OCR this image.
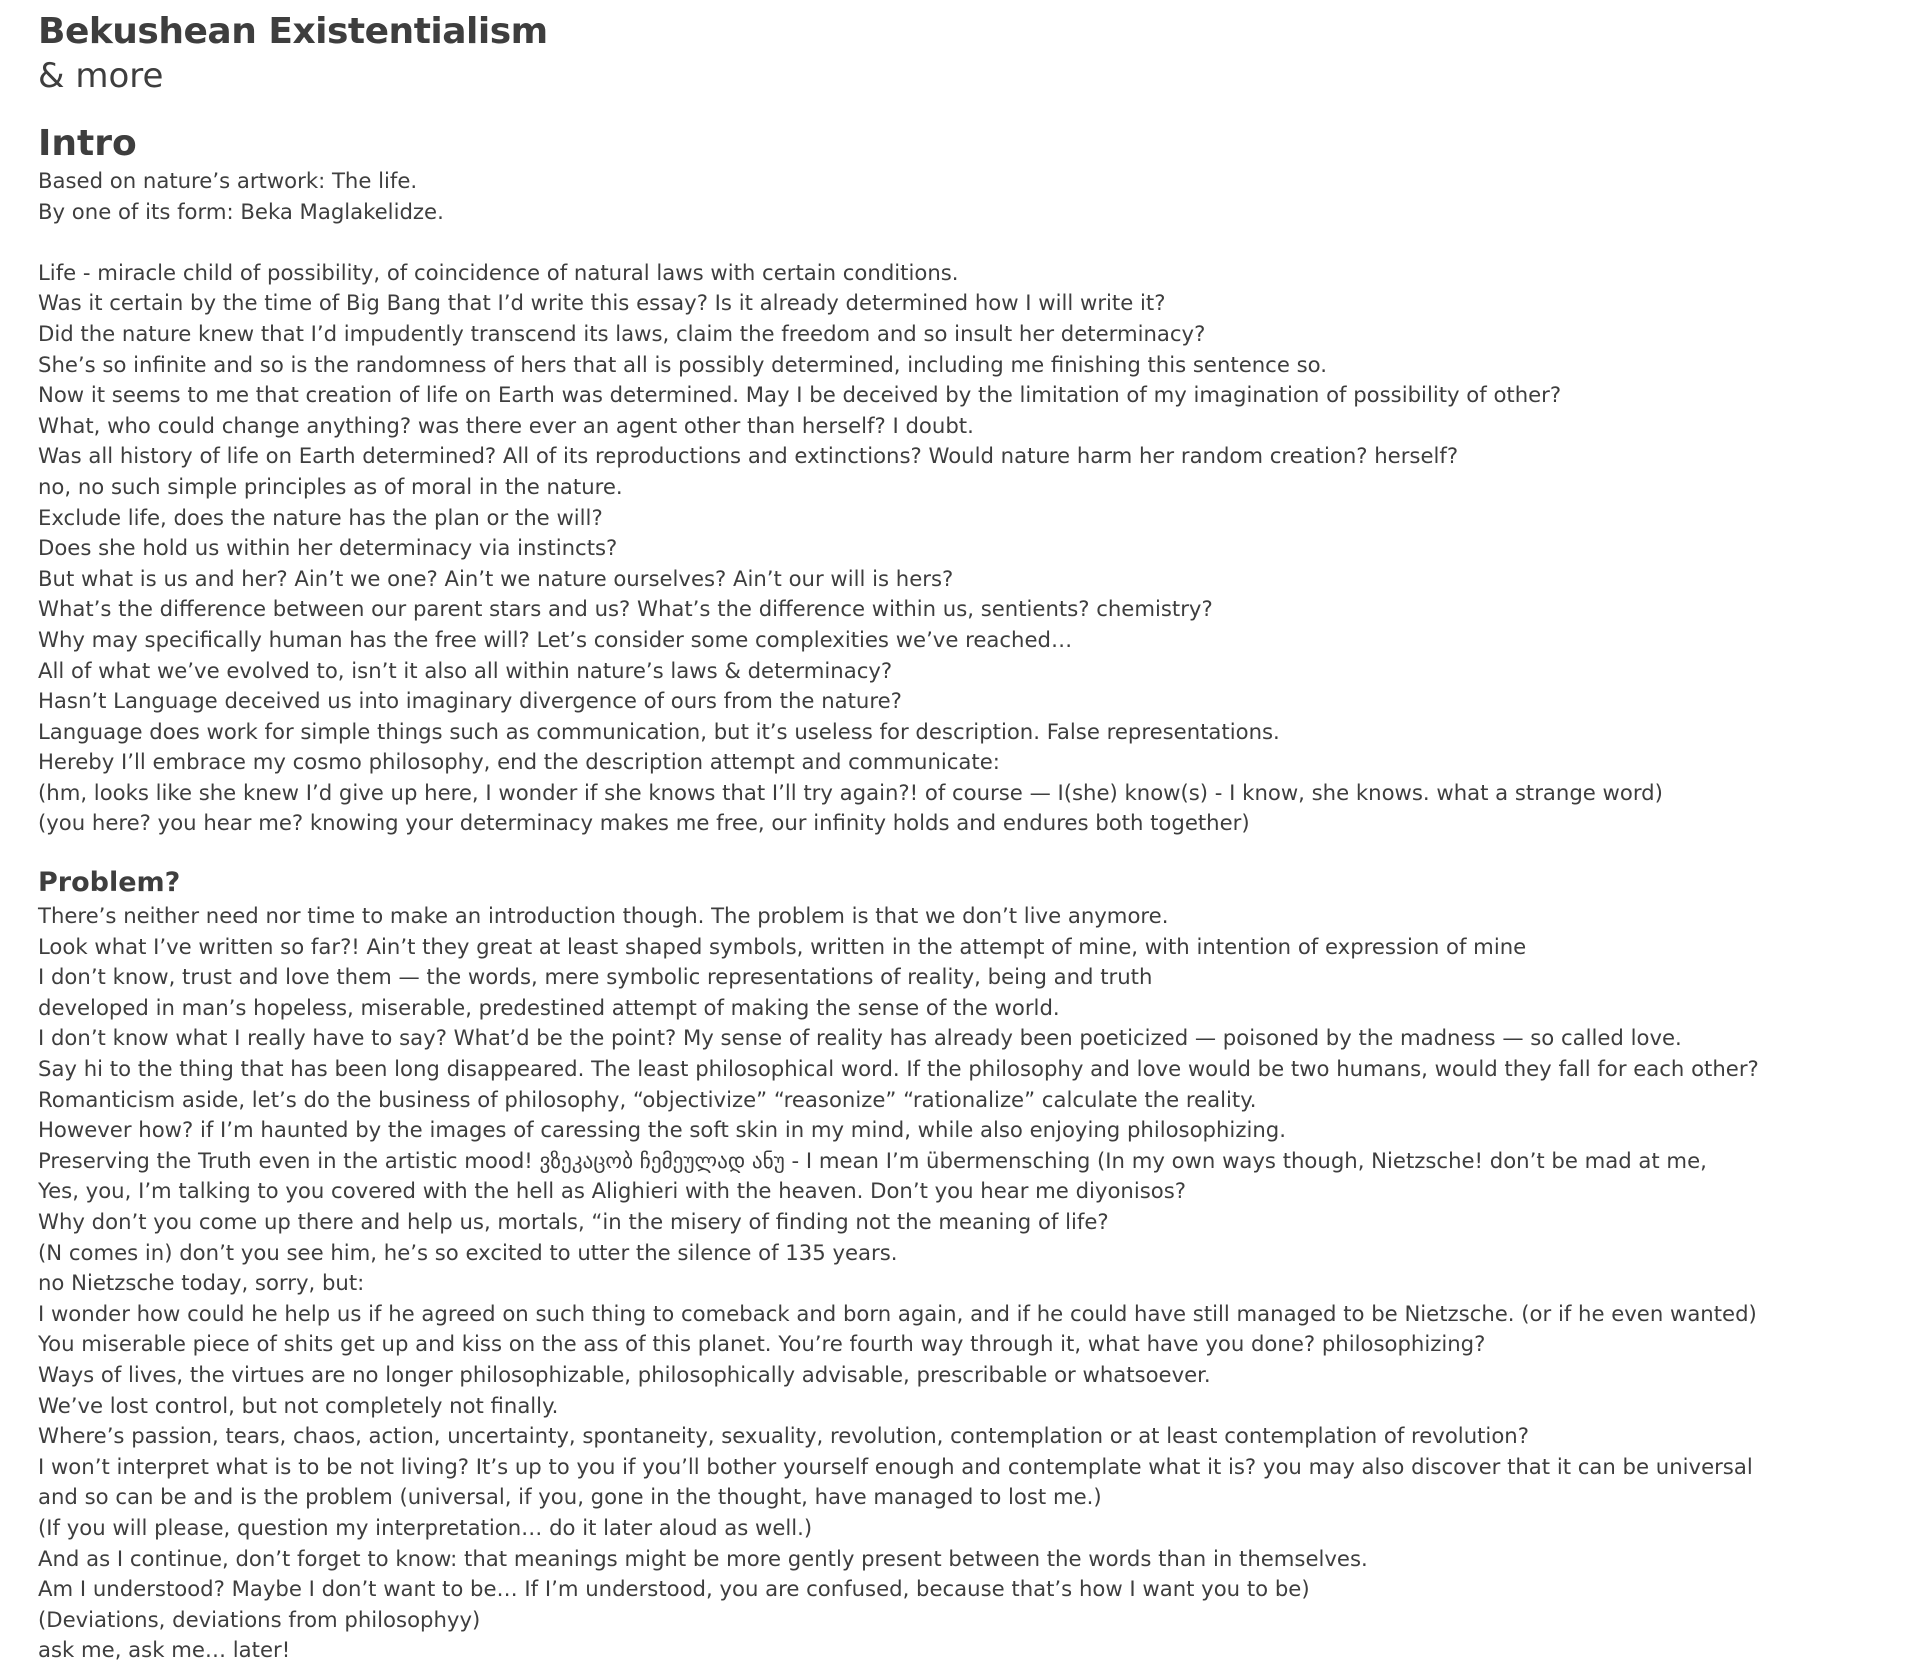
Bekushean Existentialism
& more
Intro
Based on nature’s artwork: The life.
By one of its form: Beka Maglakelidze.
Life - miracle child of possibility, of coincidence of natural laws with certain conditions.
Was it certain by the time of Big Bang that I’d write this essay? Is it already determined how I will write it?
Did the nature knew that I’d impudently transcend its laws, claim the freedom and so insult her determinacy?
She’s so infinite and so is the randomness of hers that all is possibly determined, including me finishing this sentence so.
Now it seems to me that creation of life on Earth was determined. May I be deceived by the limitation of my imagination of possibility of other?
What, who could change anything? was there ever an agent other than herself? I doubt.
Was all history of life on Earth determined? All of its reproductions and extinctions? Would nature harm her random creation? herself?
no, no such simple principles as of moral in the nature.
Exclude life, does the nature has the plan or the will?
Does she hold us within her determinacy via instincts?
But what is us and her? Ain’t we one? Ain’t we nature ourselves? Ain’t our will is hers?
What’s the difference between our parent stars and us? What’s the difference within us, sentients? chemistry?
Why may specifically human has the free will? Let’s consider some complexities we’ve reached…
All of what we’ve evolved to, isn’t it also all within nature’s laws & determinacy?
Hasn’t Language deceived us into imaginary divergence of ours from the nature?
Language does work for simple things such as communication, but it’s useless for description. False representations.
Hereby I’ll embrace my cosmo philosophy, end the description attempt and communicate:
(hm, looks like she knew I’d give up here, I wonder if she knows that I’ll try again?! of course — I(she) know(s) - I know, she knows. what a strange word)
(you here? you hear me? knowing your determinacy makes me free, our infinity holds and endures both together)
Problem?
There’s neither need nor time to make an introduction though. The problem is that we don’t live anymore.
Look what I’ve written so far?! Ain’t they great at least shaped symbols, written in the attempt of mine, with intention of expression of mine
I don’t know, trust and love them — the words, mere symbolic representations of reality, being and truth
developed in man’s hopeless, miserable, predestined attempt of making the sense of the world.
I don’t know what I really have to say? What’d be the point? My sense of reality has already been poeticized — poisoned by the madness — so called love.
Say hi to the thing that has been long disappeared. The least philosophical word. If the philosophy and love would be two humans, would they fall for each other?
Romanticism aside, let’s do the business of philosophy, “objectivize” “reasonize” “rationalize” calculate the reality.
However how? if I’m haunted by the images of caressing the soft skin in my mind, while also enjoying philosophizing.
Preserving the Truth even in the artistic mood! ვზეკაცობ ჩემეულად ანუ - I mean I’m übermensching (In my own ways though, Nietzsche! don’t be mad at me,
Yes, you, I’m talking to you covered with the hell as Alighieri with the heaven. Don’t you hear me diyonisos?
Why don’t you come up there and help us, mortals, “in the misery of finding not the meaning of life?
(N comes in) don’t you see him, he’s so excited to utter the silence of 135 years.
no Nietzsche today, sorry, but:
I wonder how could he help us if he agreed on such thing to comeback and born again, and if he could have still managed to be Nietzsche. (or if he even wanted)
You miserable piece of shits get up and kiss on the ass of this planet. You’re fourth way through it, what have you done? philosophizing?
Ways of lives, the virtues are no longer philosophizable, philosophically advisable, prescribable or whatsoever.
We’ve lost control, but not completely not finally.
Where’s passion, tears, chaos, action, uncertainty, spontaneity, sexuality, revolution, contemplation or at least contemplation of revolution?
I won’t interpret what is to be not living? It’s up to you if you’ll bother yourself enough and contemplate what it is? you may also discover that it can be universal
and so can be and is the problem (universal, if you, gone in the thought, have managed to lost me.)
(If you will please, question my interpretation… do it later aloud as well.)
And as I continue, don’t forget to know: that meanings might be more gently present between the words than in themselves.
Am I understood? Maybe I don’t want to be… If I’m understood, you are confused, because that’s how I want you to be)
(Deviations, deviations from philosophyy)
ask me, ask me… later!
